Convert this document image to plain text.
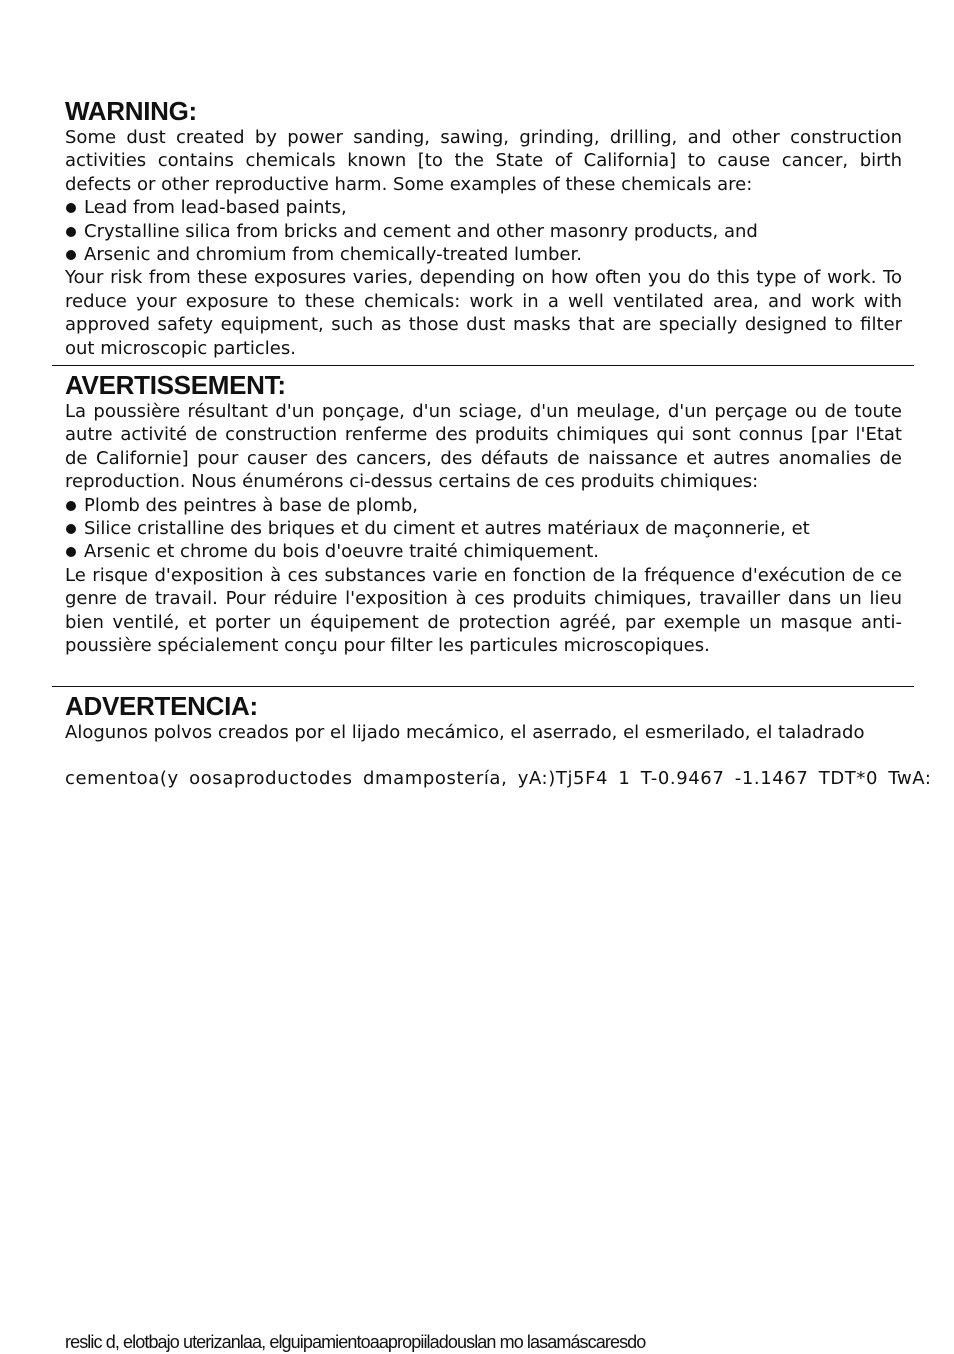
WARNING:

Some dust created by power sanding, sawing, grinding, drilling, and other construction activities contains chemicals known [to the State of California] to cause cancer, birth defects or other reproductive harm. Some examples of these chemicals are:

Lead from lead-based paints,
Crystalline silica from bricks and cement and other masonry products, and
Arsenic and chromium from chemically-treated lumber.

Your risk from these exposures varies, depending on how often you do this type of work. To reduce your exposure to these chemicals: work in a well ventilated area, and work with approved safety equipment, such as those dust masks that are specially designed to filter out microscopic particles.

AVERTISSEMENT:

La poussière résultant d'un ponçage, d'un sciage, d'un meulage, d'un perçage ou de toute autre activité de construction renferme des produits chimiques qui sont connus [par l'Etat de Californie] pour causer des cancers, des défauts de naissance et autres anomalies de reproduction. Nous énumérons ci-dessus certains de ces produits chimiques:

Plomb des peintres à base de plomb,
Silice cristalline des briques et du ciment et autres matériaux de maçonnerie, et
Arsenic et chrome du bois d'oeuvre traité chimiquement.

Le risque d'exposition à ces substances varie en fonction de la fréquence d'exécution de ce genre de travail. Pour réduire l'exposition à ces produits chimiques, travailler dans un lieu bien ventilé, et porter un équipement de protection agréé, par exemple un masque anti-poussière spécialement conçu pour filter les particules microscopiques.

ADVERTENCIA:

Alogunos polvos creados por el lijado mecámico, el aserrado, el esmerilado, el taladrado

cementoa(y oosaproductodes dmampostería, yA:)Tj5F4 1 T-0.9467 -1.1467 TDT*0 TwA:
reslic d, elotbajo uterizanlaa, elguipamientoaapropiiladouslan mo lasamáscaresdo
